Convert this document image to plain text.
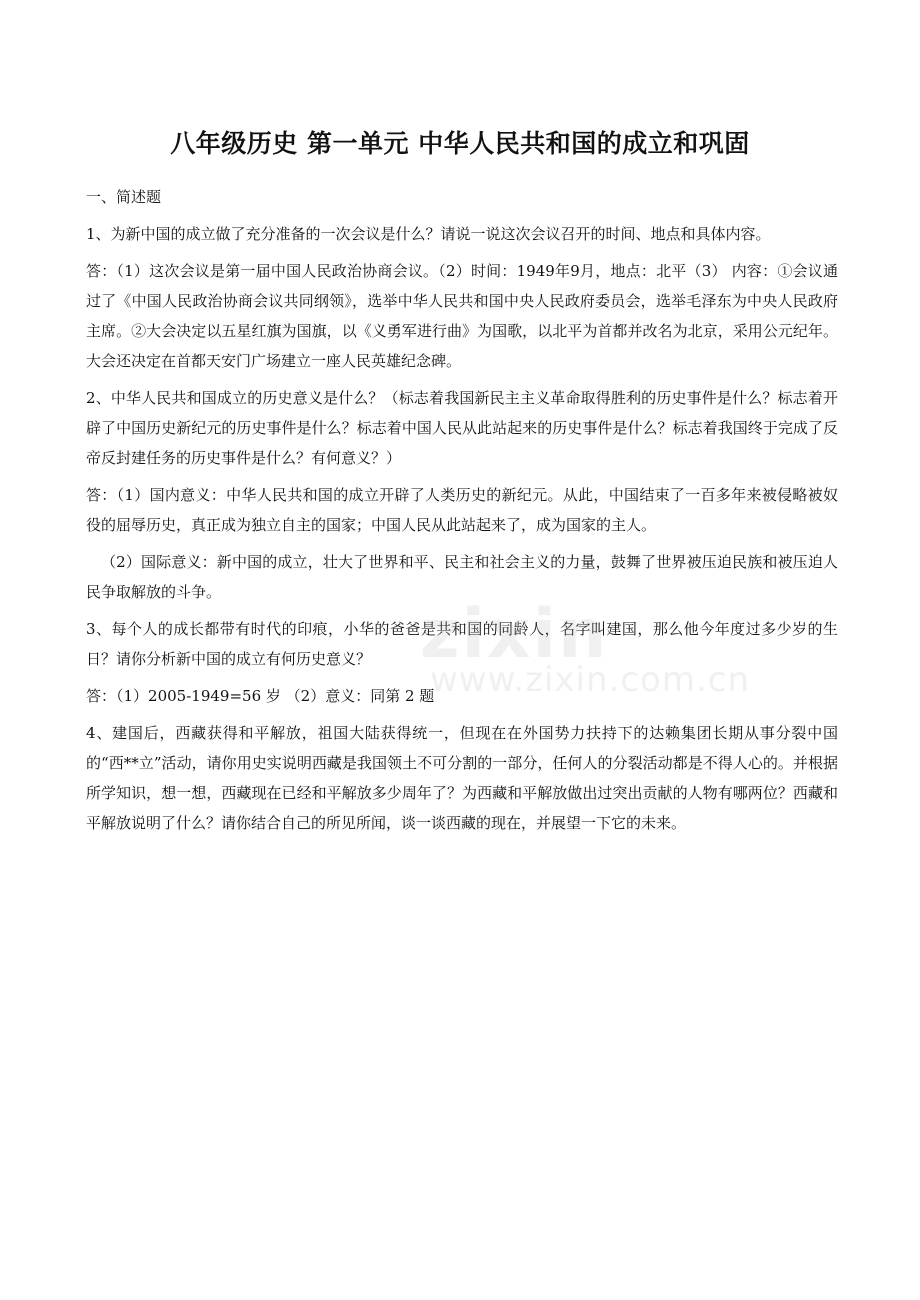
八年级历史 第一单元 中华人民共和国的成立和巩固
一、简述题
1、为新中国的成立做了充分准备的一次会议是什么？请说一说这次会议召开的时间、地点和具体内容。
答：（1）这次会议是第一届中国人民政治协商会议。（2）时间：1949年9月，地点：北平（3） 内容：①会议通过了《中国人民政治协商会议共同纲领》，选举中华人民共和国中央人民政府委员会，选举毛泽东为中央人民政府主席。②大会决定以五星红旗为国旗，以《义勇军进行曲》为国歌，以北平为首都并改名为北京，采用公元纪年。大会还决定在首都天安门广场建立一座人民英雄纪念碑。
2、中华人民共和国成立的历史意义是什么？（标志着我国新民主主义革命取得胜利的历史事件是什么？标志着开辟了中国历史新纪元的历史事件是什么？标志着中国人民从此站起来的历史事件是什么？标志着我国终于完成了反帝反封建任务的历史事件是什么？有何意义？）
答：（1）国内意义：中华人民共和国的成立开辟了人类历史的新纪元。从此，中国结束了一百多年来被侵略被奴役的屈辱历史，真正成为独立自主的国家；中国人民从此站起来了，成为国家的主人。
（2）国际意义：新中国的成立，壮大了世界和平、民主和社会主义的力量，鼓舞了世界被压迫民族和被压迫人民争取解放的斗争。
3、每个人的成长都带有时代的印痕，小华的爸爸是共和国的同龄人，名字叫建国，那么他今年度过多少岁的生日？请你分析新中国的成立有何历史意义？
答：（1）2005-1949=56 岁 （2）意义：同第 2 题
4、建国后，西藏获得和平解放，祖国大陆获得统一，但现在在外国势力扶持下的达赖集团长期从事分裂中国的“西**立”活动，请你用史实说明西藏是我国领土不可分割的一部分，任何人的分裂活动都是不得人心的。并根据所学知识，想一想，西藏现在已经和平解放多少周年了？为西藏和平解放做出过突出贡献的人物有哪两位？西藏和平解放说明了什么？请你结合自己的所见所闻，谈一谈西藏的现在，并展望一下它的未来。
zixin
www.zixin.com.cn
